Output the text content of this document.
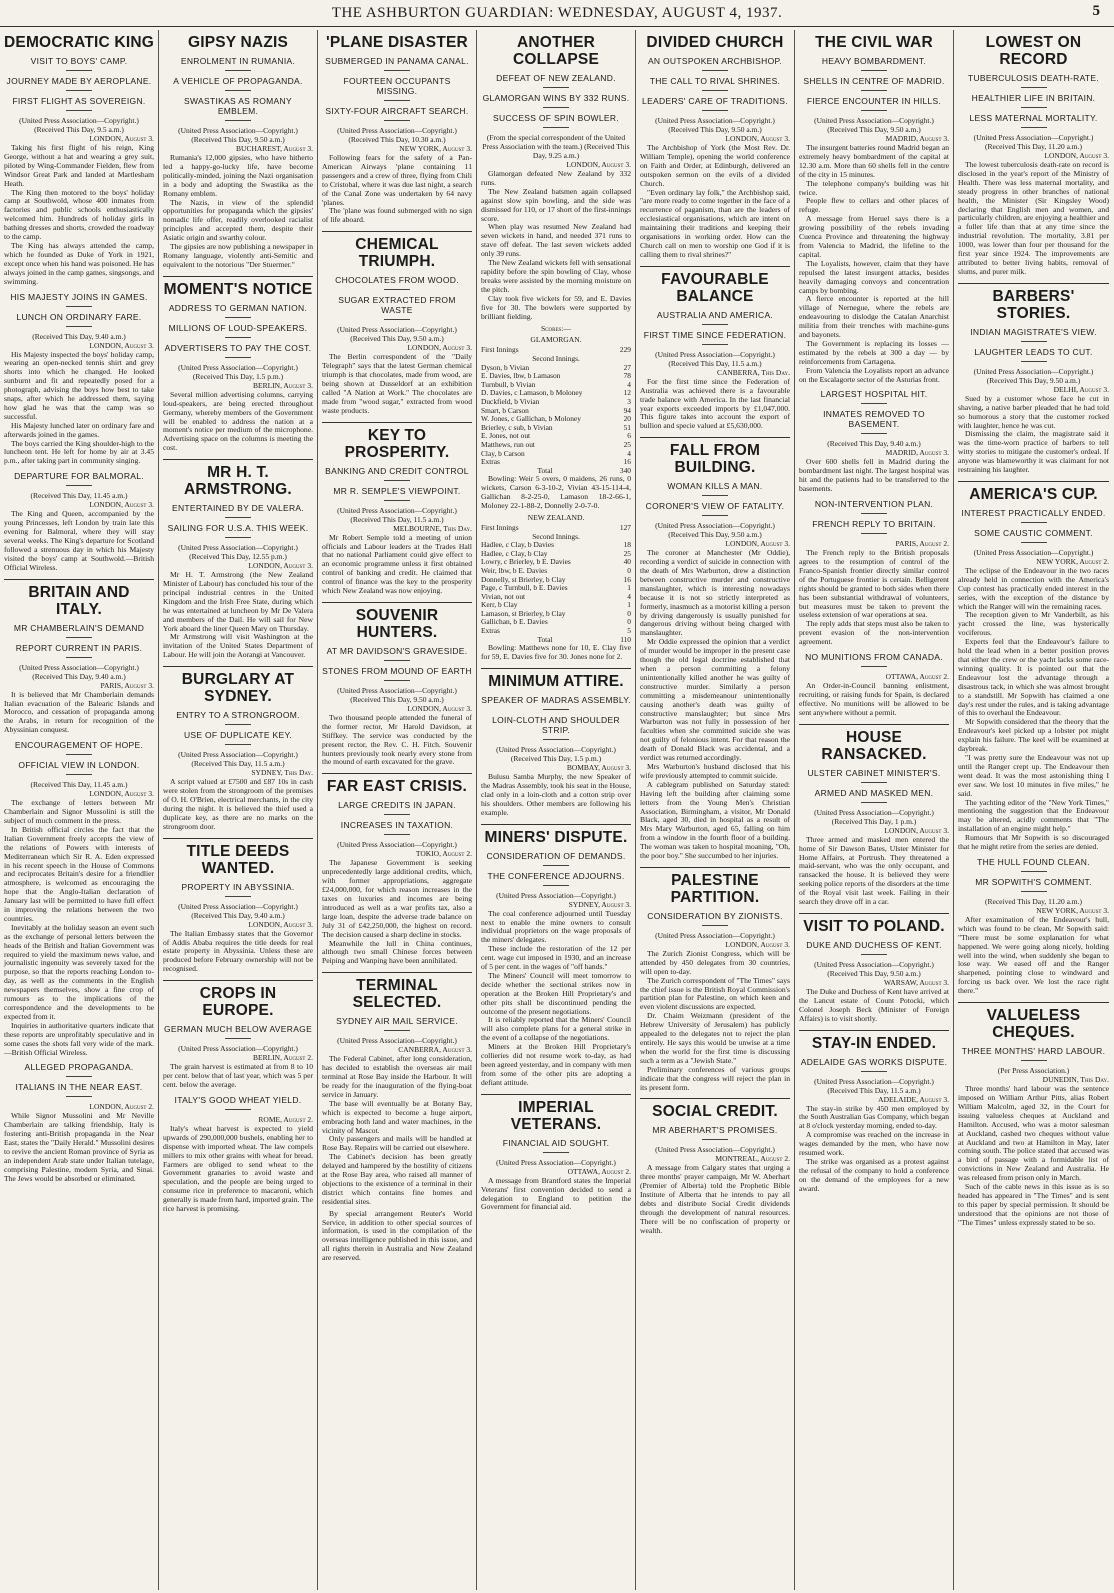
THE ASHBURTON GUARDIAN: WEDNESDAY, AUGUST 4, 1937.	5
DEMOCRATIC KING
VISIT TO BOYS' CAMP.
JOURNEY MADE BY AEROPLANE.
FIRST FLIGHT AS SOVEREIGN.
(United Press Association—Copyright.) (Received This Day, 9.5 a.m.)
LONDON, August 3.

Taking his first flight of his reign, King George, without a hat and wearing a grey suit, piloted by Wing-Commander Fielden, flew from Windsor Great Park and landed at Martlesham Heath.

The King then motored to the boys' holiday camp at Southwold, whose 400 inmates from factories and public schools enthusiastically welcomed him. Hundreds of holiday girls in bathing dresses and shorts, crowded the roadway to the camp.

The King has always attended the camp, which he founded as Duke of York in 1921, except once when his hand was poisoned. He has always joined in the camp games, singsongs, and swimming.

HIS MAJESTY JOINS IN GAMES.
LUNCH ON ORDINARY FARE.
(Received This Day, 9.40 a.m.)
LONDON, August 3.

His Majesty inspected the boys' holiday camp, wearing an open-necked tennis shirt and grey shorts into which he changed. He looked sunburnt and fit and repeatedly posed for a photograph, advising the boys how best to take snaps, after which he addressed them, saying how glad he was that the camp was so successful.

His Majesty lunched later on ordinary fare and afterwards joined in the games.

The boys carried the King shoulder-high to the luncheon tent. He left for home by air at 3.45 p.m., after taking part in community singing.

DEPARTURE FOR BALMORAL.
(Received This Day, 11.45 a.m.)
LONDON, August 3.

The King and Queen, accompanied by the young Princesses, left London by train late this evening for Balmoral, where they will stay several weeks. The King's departure for Scotland followed a strenuous day in which his Majesty visited the boys' camp at Southwold.—British Official Wireless.

BRITAIN AND ITALY.
MR CHAMBERLAIN'S DEMAND
REPORT CURRENT IN PARIS.
(United Press Association—Copyright.) (Received This Day, 9.40 a.m.)
PARIS, August 3.

It is believed that Mr Chamberlain demands Italian evacuation of the Balearic Islands and Morocco, and cessation of propaganda among the Arabs, in return for recognition of the Abyssinian conquest.

ENCOURAGEMENT OF HOPE.
OFFICIAL VIEW IN LONDON.
(Received This Day, 11.45 a.m.)
LONDON, August 3.

The exchange of letters between Mr Chamberlain and Signor Mussolini is still the subject of much comment in the press.

In British official circles the fact that the Italian Government freely accepts the view of the relations of Powers with interests of Mediterranean which Sir R. A. Eden expressed in his recent speech in the House of Commons and reciprocates Britain's desire for a friendlier atmosphere, is welcomed as encouraging the hope that the Anglo-Italian declaration of January last will be permitted to have full effect in improving the relations between the two countries.

Inevitably at the holiday season an event such as the exchange of personal letters between the heads of the British and Italian Government was required to yield the maximum news value, and journalistic ingenuity was severely taxed for the purpose, so that the reports reaching London to-day, as well as the comments in the English newspapers themselves, show a fine crop of rumours as to the implications of the correspondence and the developments to be expected from it.

Inquiries in authoritative quarters indicate that these reports are unprofitably speculative and in some cases the shots fall very wide of the mark.—British Official Wireless.

ALLEGED PROPAGANDA.
ITALIANS IN THE NEAR EAST.
LONDON, August 2.

While Signor Mussolini and Mr Neville Chamberlain are talking friendship, Italy is fostering anti-British propaganda in the Near East, states the "Daily Herald." Mussolini desires to revive the ancient Roman province of Syria as an independent Arab state under Italian tutelage, comprising Palestine, modern Syria, and Sinai. The Jews would be absorbed or eliminated.

GIPSY NAZIS
ENROLMENT IN RUMANIA.
A VEHICLE OF PROPAGANDA.
SWASTIKAS AS ROMANY EMBLEM.
(United Press Association—Copyright.) (Received This Day, 9.50 a.m.)
BUCHAREST, August 3.

Rumania's 12,000 gipsies, who have hitherto led a happy-go-lucky life, have become politically-minded, joining the Nazi organisation in a body and adopting the Swastika as the Romany emblem.

The Nazis, in view of the splendid opportunities for propaganda which the gipsies' nomadic life offer, readily overlooked racialist principles and accepted them, despite their Asiatic origin and swarthy colour.

The gipsies are now publishing a newspaper in Romany language, violently anti-Semitic and equivalent to the notorious "Der Stuermer."

MOMENT'S NOTICE
ADDRESS TO GERMAN NATION.
MILLIONS OF LOUD-SPEAKERS.
ADVERTISERS TO PAY THE COST.
(United Press Association—Copyright.) (Received This Day, 1.5 p.m.)
BERLIN, August 3.

Several million advertising columns, carrying loud-speakers, are being erected throughout Germany, whereby members of the Government will be enabled to address the nation at a moment's notice per medium of the microphone. Advertising space on the columns is meeting the cost.

MR H. T. ARMSTRONG.
ENTERTAINED BY DE VALERA.
SAILING FOR U.S.A. THIS WEEK.
(United Press Association—Copyright.) (Received This Day, 12.55 p.m.)
LONDON, August 3.

Mr H. T. Armstrong (the New Zealand Minister of Labour) has concluded his tour of the principal industrial centres in the United Kingdom and the Irish Free State, during which he was entertained at luncheon by Mr De Valera and members of the Dail. He will sail for New York aboard the liner Queen Mary on Thursday.

Mr Armstrong will visit Washington at the invitation of the United States Department of Labour. He will join the Aorangi at Vancouver.

BURGLARY AT SYDNEY.
ENTRY TO A STRONGROOM.
USE OF DUPLICATE KEY.
(United Press Association—Copyright.) (Received This Day, 11.5 a.m.)
SYDNEY, This Day.

A script valued at £7500 and £87 10s in cash were stolen from the strongroom of the premises of O. H. O'Brien, electrical merchants, in the city during the night. It is believed the thief used a duplicate key, as there are no marks on the strongroom door.

TITLE DEEDS WANTED.
PROPERTY IN ABYSSINIA.
(United Press Association—Copyright.) (Received This Day, 9.40 a.m.)
LONDON, August 3.

The Italian Embassy states that the Governor of Addis Ababa requires the title deeds for real estate property in Abyssinia. Unless these are produced before February ownership will not be recognised.

CROPS IN EUROPE.
GERMAN MUCH BELOW AVERAGE
(United Press Association—Copyright.)
BERLIN, August 2.

The grain harvest is estimated at from 8 to 10 per cent. below that of last year, which was 5 per cent. below the average.

ITALY'S GOOD WHEAT YIELD.
ROME, August 2.

Italy's wheat harvest is expected to yield upwards of 290,000,000 bushels, enabling her to dispense with imported wheat. The law compels millers to mix other grains with wheat for bread. Farmers are obliged to send wheat to the Government granaries to avoid waste and speculation, and the people are being urged to consume rice in preference to macaroni, which generally is made from hard, imported grain. The rice harvest is promising.

'PLANE DISASTER
SUBMERGED IN PANAMA CANAL.
FOURTEEN OCCUPANTS MISSING.
SIXTY-FOUR AIRCRAFT SEARCH.
(United Press Association—Copyright.) (Received This Day, 10.30 a.m.)
NEW YORK, August 3.

Following fears for the safety of a Pan-American Airways 'plane containing 11 passengers and a crew of three, flying from Chili to Cristobal, where it was due last night, a search of the Canal Zone was undertaken by 64 navy 'planes.

The 'plane was found submerged with no sign of life aboard.

CHEMICAL TRIUMPH.
CHOCOLATES FROM WOOD.
SUGAR EXTRACTED FROM WASTE
(United Press Association—Copyright.) (Received This Day, 9.50 a.m.)
LONDON, August 3.

The Berlin correspondent of the "Daily Telegraph" says that the latest German chemical triumph is that chocolates, made from wood, are being shown at Dusseldorf at an exhibition called "A Nation at Work." The chocolates are made from "wood sugar," extracted from wood waste products.

KEY TO PROSPERITY.
BANKING AND CREDIT CONTROL
MR R. SEMPLE'S VIEWPOINT.
(United Press Association—Copyright.) (Received This Day, 11.5 a.m.)
MELBOURNE, This Day.

Mr Robert Semple told a meeting of union officials and Labour leaders at the Trades Hall that no national Parliament could give effect to an economic programme unless it first obtained control of banking and credit. He claimed that control of finance was the key to the prosperity which New Zealand was now enjoying.

SOUVENIR HUNTERS.
AT MR DAVIDSON'S GRAVESIDE.
STONES FROM MOUND OF EARTH
(United Press Association—Copyright.) (Received This Day, 9.50 a.m.)
LONDON, August 3.

Two thousand people attended the funeral of the former rector, Mr Harold Davidson, at Stiffkey. The service was conducted by the present rector, the Rev. C. H. Fitch. Souvenir hunters previously took nearly every stone from the mound of earth excavated for the grave.

FAR EAST CRISIS.
LARGE CREDITS IN JAPAN.
INCREASES IN TAXATION.
(United Press Association—Copyright.)
TOKIO, August 2.

The Japanese Government is seeking unprecedentedly large additional credits, which, with former appropriations, aggregate £24,000,000, for which reason increases in the taxes on luxuries and incomes are being introduced as well as a war profits tax, also a large loan, despite the adverse trade balance on July 31 of £42,250,000, the highest on record. The decision caused a sharp decline in stocks.

Meanwhile the lull in China continues, although two small Chinese forces between Peiping and Wanping have been annihilated.

TERMINAL SELECTED.
SYDNEY AIR MAIL SERVICE.
(United Press Association—Copyright.)
CANBERRA, August 3.

The Federal Cabinet, after long consideration, has decided to establish the overseas air mail terminal at Rose Bay inside the Harbour. It will be ready for the inauguration of the flying-boat service in January.

The base will eventually be at Botany Bay, which is expected to become a huge airport, embracing both land and water machines, in the vicinity of Mascot.

Only passengers and mails will be handled at Rose Bay. Repairs will be carried out elsewhere.

The Cabinet's decision has been greatly delayed and hampered by the hostility of citizens at the Rose Bay area, who raised all manner of objections to the existence of a terminal in their district which contains fine homes and residential sites.

By special arrangement Reuter's World Service, in addition to other special sources of information, is used in the compilation of the overseas intelligence published in this issue, and all rights therein in Australia and New Zealand are reserved.

ANOTHER COLLAPSE
DEFEAT OF NEW ZEALAND.
GLAMORGAN WINS BY 332 RUNS.
SUCCESS OF SPIN BOWLER.
(From the special correspondent of the United Press Association with the team.) (Received This Day, 9.25 a.m.)
LONDON, August 3.

Glamorgan defeated New Zealand by 332 runs.

The New Zealand batsmen again collapsed against slow spin bowling, and the side was dismissed for 110, or 17 short of the first-innings score.

When play was resumed New Zealand had seven wickets in hand, and needed 371 runs to stave off defeat. The last seven wickets added only 39 runs.

The New Zealand wickets fell with sensational rapidity before the spin bowling of Clay, whose breaks were assisted by the morning moisture on the pitch.

Clay took five wickets for 59, and E. Davies five for 30. The bowlers were supported by brilliant fielding.

Scores:—
GLAMORGAN.
First Innings	229
Second Innings.	
Dyson, b Vivian	27
E. Davies, lbw, b Lamason	78
Turnbull, b Vivian	4
D. Davies, c Lamason, b Moloney	12
Duckfield, b Vivian	3
Smart, b Carson	94
W. Jones, c Gallichan, b Moloney	20
Brierley, c sub, b Vivian	51
E. Jones, not out	6
Matthews, run out	25
Clay, b Carson	4
Extras	16
Total	340

Bowling: Weir 5 overs, 0 maidens, 26 runs, 0 wickets, Carson 6-3-10-2, Vivian 43-15-114-4, Gallichan 8-2-25-0, Lamason 18-2-66-1, Moloney 22-1-88-2, Donnelly 2-0-7-0.

NEW ZEALAND.
First Innings	127
Second Innings.	
Hadlee, c Clay, b Davies	18
Hadlee, c Clay, b Clay	25
Lowry, c Brierley, b E. Davies	40
Weir, lbw, b E. Davies	0
Donnelly, st Brierley, b Clay	16
Page, c Turnbull, b E. Davies	1
Vivian, not out	4
Kerr, b Clay	1
Lamason, st Brierley, b Clay	0
Gallichan, b E. Davies	0
Extras	5
Total	110

Bowling: Matthews none for 10, E. Clay five for 59, E. Davies five for 30. Jones none for 2.

MINIMUM ATTIRE.
SPEAKER OF MADRAS ASSEMBLY.
LOIN-CLOTH AND SHOULDER STRIP.
(United Press Association—Copyright.) (Received This Day, 1.5 p.m.)
BOMBAY, August 3.

Bulusu Samba Murphy, the new Speaker of the Madras Assembly, took his seat in the House, clad only in a loin-cloth and a cotton strip over his shoulders. Other members are following his example.

MINERS' DISPUTE.
CONSIDERATION OF DEMANDS.
THE CONFERENCE ADJOURNS.
(United Press Association—Copyright.)
SYDNEY, August 3.

The coal conference adjourned until Tuesday next to enable the mine owners to consult individual proprietors on the wage proposals of the miners' delegates.

These include the restoration of the 12 per cent. wage cut imposed in 1930, and an increase of 5 per cent. in the wages of "off hands."

The Miners' Council will meet tomorrow to decide whether the sectional strikes now in operation at the Broken Hill Proprietary's and other pits shall be discontinued pending the outcome of the present negotiations.

It is reliably reported that the Miners' Council will also complete plans for a general strike in the event of a collapse of the negotiations.

Miners at the Broken Hill Proprietary's collieries did not resume work to-day, as had been agreed yesterday, and in company with men from some of the other pits are adopting a defiant attitude.

IMPERIAL VETERANS.
FINANCIAL AID SOUGHT.
(United Press Association—Copyright.)
OTTAWA, August 2.

A message from Brantford states the Imperial Veterans' first convention decided to send a delegation to England to petition the Government for financial aid.

DIVIDED CHURCH
AN OUTSPOKEN ARCHBISHOP.
THE CALL TO RIVAL SHRINES.
LEADERS' CARE OF TRADITIONS.
(United Press Association—Copyright.) (Received This Day, 9.50 a.m.)
LONDON, August 3.

The Archbishop of York (the Most Rev. Dr. William Temple), opening the world conference on Faith and Order, at Edinburgh, delivered an outspoken sermon on the evils of a divided Church.

"Even ordinary lay folk," the Archbishop said, "are more ready to come together in the face of a recurrence of paganism, than are the leaders of ecclesiastical organisations, which are intent on maintaining their traditions and keeping their organisations in working order. How can the Church call on men to worship one God if it is calling them to rival shrines?"

FAVOURABLE BALANCE
AUSTRALIA AND AMERICA.
FIRST TIME SINCE FEDERATION.
(United Press Association—Copyright.) (Received This Day, 11.5 a.m.)
CANBERRA, This Day.

For the first time since the Federation of Australia was achieved there is a favourable trade balance with America. In the last financial year exports exceeded imports by £1,047,000. This figure takes into account the export of bullion and specie valued at £5,630,000.

FALL FROM BUILDING.
WOMAN KILLS A MAN.
CORONER'S VIEW OF FATALITY.
(United Press Association—Copyright.) (Received This Day, 9.50 a.m.)
LONDON, August 3.

The coroner at Manchester (Mr Oddie), recording a verdict of suicide in connection with the death of Mrs Warburton, drew a distinction between constructive murder and constructive manslaughter, which is interesting nowadays because it is not so strictly interpreted as formerly, inasmuch as a motorist killing a person by driving dangerously is usually punished for dangerous driving without being charged with manslaughter.

Mr Oddie expressed the opinion that a verdict of murder would be improper in the present case though the old legal doctrine established that when a person committing a felony unintentionally killed another he was guilty of constructive murder. Similarly a person committing a misdemeanour unintentionally causing another's death was guilty of constructive manslaughter; but since Mrs Warburton was not fully in possession of her faculties when she committed suicide she was not guilty of felonious intent. For that reason the death of Donald Black was accidental, and a verdict was returned accordingly.

Mrs Warburton's husband disclosed that his wife previously attempted to commit suicide.

A cablegram published on Saturday stated: Having left the building after claiming some letters from the Young Men's Christian Association, Birmingham, a visitor, Mr Donald Black, aged 30, died in hospital as a result of Mrs Mary Warburton, aged 65, falling on him from a window in the fourth floor of a building. The woman was taken to hospital moaning, "Oh, the poor boy." She succumbed to her injuries.

PALESTINE PARTITION.
CONSIDERATION BY ZIONISTS.
(United Press Association—Copyright.)
LONDON, August 3.

The Zurich Zionist Congress, which will be attended by 450 delegates from 30 countries, will open to-day.

The Zurich correspondent of "The Times" says the chief issue is the British Royal Commission's partition plan for Palestine, on which keen and even violent discussions are expected.

Dr. Chaim Weizmann (president of the Hebrew University of Jerusalem) has publicly appealed to the delegates not to reject the plan entirely. He says this would be unwise at a time when the world for the first time is discussing such a term as a "Jewish State."

Preliminary conferences of various groups indicate that the congress will reject the plan in its present form.

SOCIAL CREDIT.
MR ABERHART'S PROMISES.
(United Press Association—Copyright.)
MONTREAL, August 2.

A message from Calgary states that urging a three months' prayer campaign, Mr W. Aberhart (Premier of Alberta) told the Prophetic Bible Institute of Alberta that he intends to pay all debts and distribute Social Credit dividends through the development of natural resources. There will be no confiscation of property or wealth.

THE CIVIL WAR
HEAVY BOMBARDMENT.
SHELLS IN CENTRE OF MADRID.
FIERCE ENCOUNTER IN HILLS.
(United Press Association—Copyright.) (Received This Day, 9.50 a.m.)
MADRID, August 3.

The insurgent batteries round Madrid began an extremely heavy bombardment of the capital at 12.30 a.m. More than 60 shells fell in the centre of the city in 15 minutes.

The telephone company's building was hit twice.

People flew to cellars and other places of refuge.

A message from Heruel says there is a growing possibility of the rebels invading Cuenca Province and threatening the highway from Valencia to Madrid, the lifeline to the capital.

The Loyalists, however, claim that they have repulsed the latest insurgent attacks, besides heavily damaging convoys and concentration camps by bombing.

A fierce encounter is reported at the hill village of Nernegue, where the rebels are endeavouring to dislodge the Catalan Anarchist militia from their trenches with machine-guns and bayonets.

The Government is replacing its losses — estimated by the rebels at 300 a day — by reinforcements from Cartagena.

From Valencia the Loyalists report an advance on the Escalagorte sector of the Asturias front.

LARGEST HOSPITAL HIT.
INMATES REMOVED TO BASEMENT.
(Received This Day, 9.40 a.m.)
MADRID, August 3.

Over 600 shells fell in Madrid during the bombardment last night. The largest hospital was hit and the patients had to be transferred to the basements.

NON-INTERVENTION PLAN.
FRENCH REPLY TO BRITAIN.
PARIS, August 2.

The French reply to the British proposals agrees to the resumption of control of the Franco-Spanish frontier directly similar control of the Portuguese frontier is certain. Belligerent rights should be granted to both sides when there has been substantial withdrawal of volunteers, but measures must be taken to prevent the useless extension of war operations at sea.

The reply adds that steps must also be taken to prevent evasion of the non-intervention agreement.

NO MUNITIONS FROM CANADA.
OTTAWA, August 2.

An Order-in-Council banning enlistment, recruiting, or raising funds for Spain, is declared effective. No munitions will be allowed to be sent anywhere without a permit.

HOUSE RANSACKED.
ULSTER CABINET MINISTER'S.
ARMED AND MASKED MEN.
(United Press Association—Copyright.) (Received This Day, 1 p.m.)
LONDON, August 3.

Three armed and masked men entered the home of Sir Dawson Bates, Ulster Minister for Home Affairs, at Portrush. They threatened a maid-servant, who was the only occupant, and ransacked the house. It is believed they were seeking police reports of the disorders at the time of the Royal visit last week. Failing in their search they drove off in a car.

VISIT TO POLAND.
DUKE AND DUCHESS OF KENT.
(United Press Association—Copyright.) (Received This Day, 9.50 a.m.)
WARSAW, August 3.

The Duke and Duchess of Kent have arrived at the Lancut estate of Count Potocki, which Colonel Joseph Beck (Minister of Foreign Affairs) is to visit shortly.

STAY-IN ENDED.
ADELAIDE GAS WORKS DISPUTE.
(United Press Association—Copyright.) (Received This Day, 11.5 a.m.)
ADELAIDE, August 3.

The stay-in strike by 450 men employed by the South Australian Gas Company, which began at 8 o'clock yesterday morning, ended to-day.

A compromise was reached on the increase in wages demanded by the men, who have now resumed work.

The strike was organised as a protest against the refusal of the company to hold a conference on the demand of the employees for a new award.

LOWEST ON RECORD
TUBERCULOSIS DEATH-RATE.
HEALTHIER LIFE IN BRITAIN.
LESS MATERNAL MORTALITY.
(United Press Association—Copyright.) (Received This Day, 11.20 a.m.)
LONDON, August 3.

The lowest tuberculosis death-rate on record is disclosed in the year's report of the Ministry of Health. There was less maternal mortality, and steady progress in other branches of national health, the Minister (Sir Kingsley Wood) declaring that English men and women, and particularly children, are enjoying a healthier and a fuller life than that at any time since the industrial revolution. The mortality, 3.81 per 1000, was lower than four per thousand for the first year since 1924. The improvements are attributed to better living habits, removal of slums, and purer milk.

BARBERS' STORIES.
INDIAN MAGISTRATE'S VIEW.
LAUGHTER LEADS TO CUT.
(United Press Association—Copyright.) (Received This Day, 9.50 a.m.)
DELHI, August 3.

Sued by a customer whose face he cut in shaving, a native barber pleaded that he had told so humorous a story that the customer rocked with laughter, hence he was cut.

Dismissing the claim, the magistrate said it was the time-worn practice of barbers to tell witty stories to mitigate the customer's ordeal. If anyone was blameworthy it was claimant for not restraining his laughter.

AMERICA'S CUP.
INTEREST PRACTICALLY ENDED.
SOME CAUSTIC COMMENT.
(United Press Association—Copyright.)
NEW YORK, August 2.

The eclipse of the Endeavour in the two races already held in connection with the America's Cup contest has practically ended interest in the series, with the exception of the distance by which the Ranger will win the remaining races.

The reception given to Mr Vanderbilt, as his yacht crossed the line, was hysterically vociferous.

Experts feel that the Endeavour's failure to hold the lead when in a better position proves that either the crew or the yacht lacks some race-winning quality. It is pointed out that the Endeavour lost the advantage through a disastrous tack, in which she was almost brought to a standstill. Mr Sopwith has claimed a one day's rest under the rules, and is taking advantage of this to overhaul the Endeavour.

Mr Sopwith considered that the theory that the Endeavour's keel picked up a lobster pot might explain his failure. The keel will be examined at daybreak.

"I was pretty sure the Endeavour was not up until the Ranger crept up. The Endeavour then went dead. It was the most astonishing thing I ever saw. We lost 10 minutes in five miles," he said.

The yachting editor of the "New York Times," mentioning the suggestion that the Endeavour may be altered, acidly comments that "The installation of an engine might help."

Rumours that Mr Sopwith is so discouraged that he might retire from the series are denied.

THE HULL FOUND CLEAN.
MR SOPWITH'S COMMENT.
(Received This Day, 11.20 a.m.)
NEW YORK, August 3.

After examination of the Endeavour's hull, which was found to be clean, Mr Sopwith said: "There must be some explanation for what happened. We were going along nicely, holding well into the wind, when suddenly she began to lose way. We eased off and the Ranger sharpened, pointing close to windward and forcing us back over. We lost the race right there."

VALUELESS CHEQUES.
THREE MONTHS' HARD LABOUR.
(Per Press Association.)
DUNEDIN, This Day.

Three months' hard labour was the sentence imposed on William Arthur Pitts, alias Robert William Malcolm, aged 32, in the Court for issuing valueless cheques at Auckland and Hamilton. Accused, who was a motor salesman at Auckland, cashed two cheques without value at Auckland and two at Hamilton in May, later coming south. The police stated that accused was a bird of passage with a formidable list of convictions in New Zealand and Australia. He was released from prison only in March.

Such of the cable news in this issue as is so headed has appeared in "The Times" and is sent to this paper by special permission. It should be understood that the opinions are not those of "The Times" unless expressly stated to be so.
